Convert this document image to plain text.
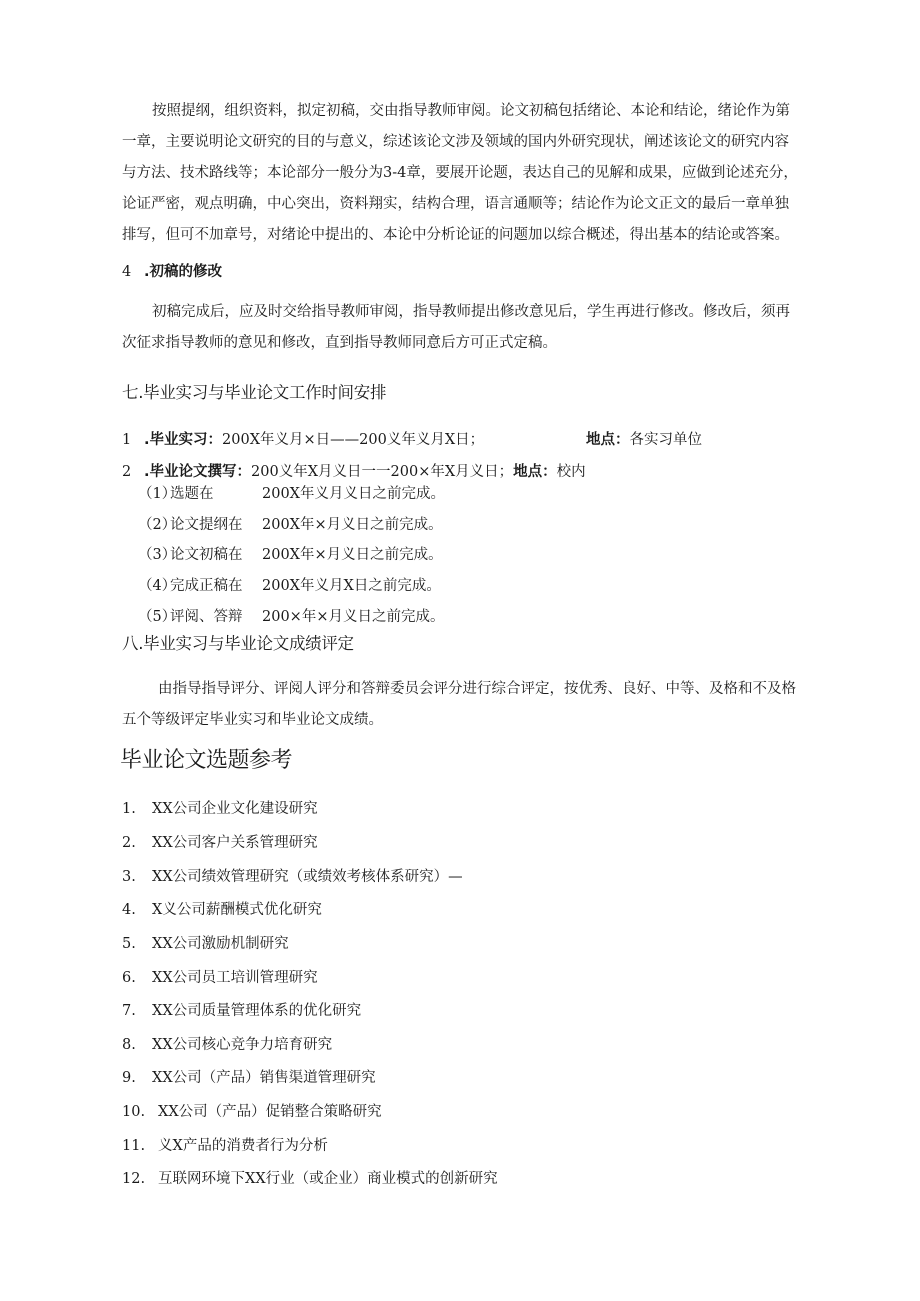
按照提纲，组织资料，拟定初稿，交由指导教师审阅。论文初稿包括绪论、本论和结论，绪论作为第
一章，主要说明论文研究的目的与意义，综述该论文涉及领域的国内外研究现状，阐述该论文的研究内容
与方法、技术路线等；本论部分一般分为3-4章，要展开论题，表达自己的见解和成果，应做到论述充分，
论证严密，观点明确，中心突出，资料翔实，结构合理，语言通顺等；结论作为论文正文的最后一章单独
排写，但可不加章号，对绪论中提出的、本论中分析论证的问题加以综合概述，得出基本的结论或答案。
4 .初稿的修改
初稿完成后，应及时交给指导教师审阅，指导教师提出修改意见后，学生再进行修改。修改后，须再
次征求指导教师的意见和修改，直到指导教师同意后方可正式定稿。
七.毕业实习与毕业论文工作时间安排
1 .毕业实习：200X年义月×日——200义年义月X日；	地点：各实习单位
2 .毕业论文撰写：200义年X月义日一一200×年X月义日；地点：校内
（1）选题在	200X年义月义日之前完成。
（2）论文提纲在 200X年×月义日之前完成。
（3）论文初稿在 200X年×月义日之前完成。
（4）完成正稿在 200X年义月X日之前完成。
（5）评阅、答辩 200×年×月义日之前完成。
八.毕业实习与毕业论文成绩评定
由指导指导评分、评阅人评分和答辩委员会评分进行综合评定，按优秀、良好、中等、及格和不及格
五个等级评定毕业实习和毕业论文成绩。
毕业论文选题参考
1. XX公司企业文化建设研究
2. XX公司客户关系管理研究
3. XX公司绩效管理研究（或绩效考核体系研究）—
4. X义公司薪酬模式优化研究
5. XX公司激励机制研究
6. XX公司员工培训管理研究
7. XX公司质量管理体系的优化研究
8. XX公司核心竞争力培育研究
9. XX公司（产品）销售渠道管理研究
10. XX公司（产品）促销整合策略研究
11. 义X产品的消费者行为分析
12. 互联网环境下XX行业（或企业）商业模式的创新研究
